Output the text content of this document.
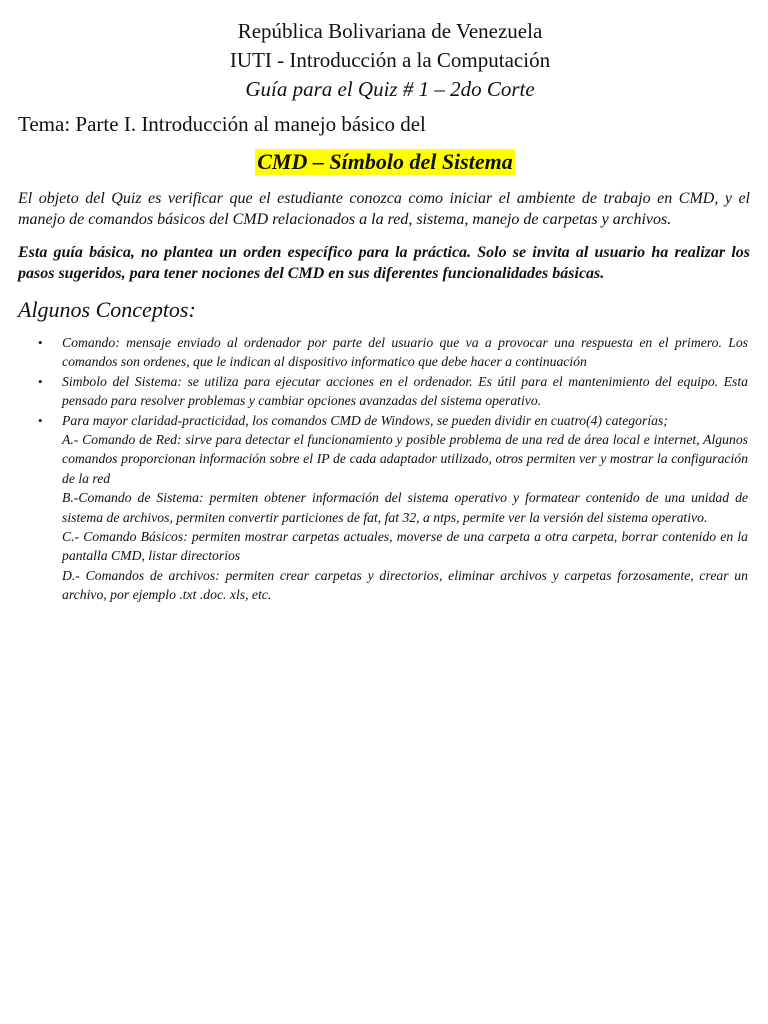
República Bolivariana de Venezuela
IUTI - Introducción a la Computación
Guía para el Quiz # 1 – 2do Corte
Tema: Parte I. Introducción al manejo básico del
CMD – Símbolo del Sistema

El objeto del Quiz es verificar que el estudiante conozca como iniciar el ambiente de trabajo en CMD, y el manejo de comandos básicos del CMD relacionados a la red, sistema, manejo de carpetas y archivos.

Esta guía básica, no plantea un orden específico para la práctica. Solo se invita al usuario ha realizar los pasos sugeridos, para tener nociones del CMD en sus diferentes funcionalidades básicas.

Algunos Conceptos:
• Comando: mensaje enviado al ordenador por parte del usuario que va a provocar una respuesta en el primero. Los comandos son ordenes, que le indican al dispositivo informatico que debe hacer a continuación
• Simbolo del Sistema: se utiliza para ejecutar acciones en el ordenador. Es útil para el mantenimiento del equipo. Esta pensado para resolver problemas y cambiar opciones avanzadas del sistema operativo.
• Para mayor claridad-practicidad, los comandos CMD de Windows, se pueden dividir en cuatro(4) categorías;
A.- Comando de Red: sirve para detectar el funcionamiento y posible problema de una red de área local e internet, Algunos comandos proporcionan información sobre el IP de cada adaptador utilizado, otros permiten ver y mostrar la configuración de la red
B.-Comando de Sistema: permiten obtener información del sistema operativo y formatear contenido de una unidad de sistema de archivos, permiten convertir particiones de fat, fat 32, a ntps, permite ver la versión del sistema operativo.
C.- Comando Básicos: permiten mostrar carpetas actuales, moverse de una carpeta a otra carpeta, borrar contenido en la pantalla CMD, listar directorios
D.- Comandos de archivos: permiten crear carpetas y directorios, eliminar archivos y carpetas forzosamente, crear un archivo, por ejemplo .txt .doc. xls, etc.
